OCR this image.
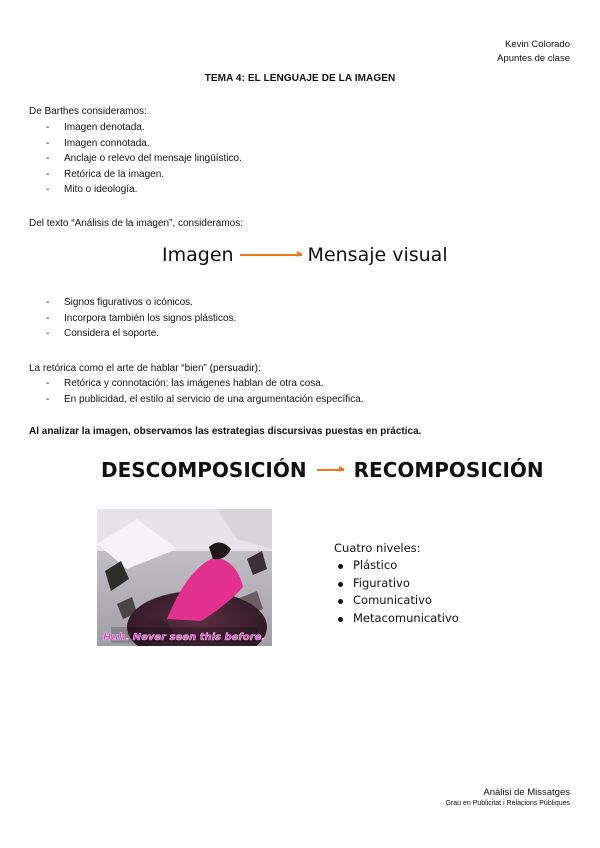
Kevin Colorado
Apuntes de clase
TEMA 4: EL LENGUAJE DE LA IMAGEN
De Barthes consideramos:
- Imagen denotada.
- Imagen connotada.
- Anclaje o relevo del mensaje lingüístico.
- Retórica de la imagen.
- Mito o ideología.
Del texto “Análisis de la imagen”, consideramos:
Imagen	Mensaje visual
- Signos figurativos o icónicos.
- Incorpora también los signos plásticos.
- Considera el soporte.
La retórica como el arte de hablar “bien” (persuadir):
- Retórica y connotación: las imágenes hablan de otra cosa.
- En publicidad, el estilo al servicio de una argumentación específica.
Al analizar la imagen, observamos las estrategias discursivas puestas en práctica.
DESCOMPOSICIÓN RECOMPOSICIÓN
Huh. Never seen this before.
Cuatro niveles:
Plástico
Figurativo
Comunicativo
Metacomunicativo
Anàlisi de Missatges
Grau en Publicitat i Relacions Públiques
